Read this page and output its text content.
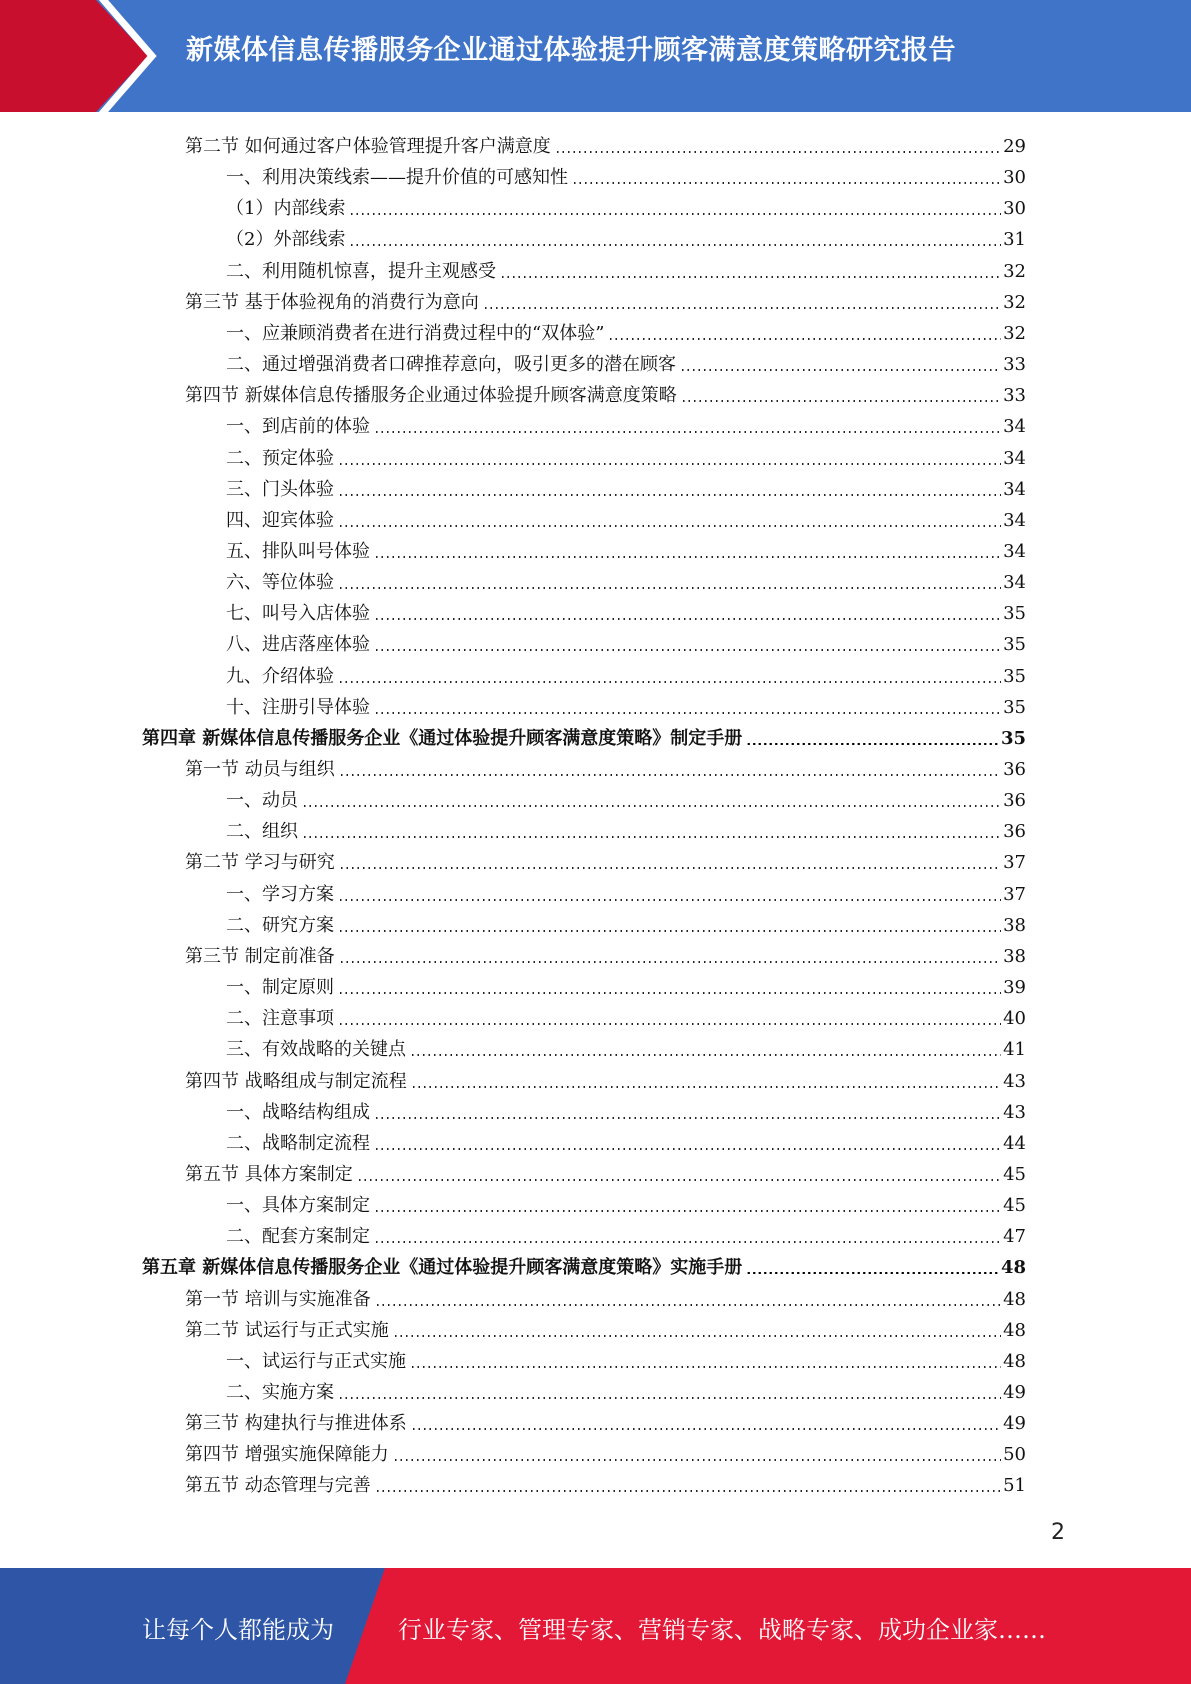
新媒体信息传播服务企业通过体验提升顾客满意度策略研究报告
第二节 如何通过客户体验管理提升客户满意度	29
一、利用决策线索——提升价值的可感知性	30
（1）内部线索	30
（2）外部线索	31
二、利用随机惊喜，提升主观感受	32
第三节 基于体验视角的消费行为意向	32
一、应兼顾消费者在进行消费过程中的“双体验”	32
二、通过增强消费者口碑推荐意向，吸引更多的潜在顾客	33
第四节 新媒体信息传播服务企业通过体验提升顾客满意度策略	33
一、到店前的体验	34
二、预定体验	34
三、门头体验	34
四、迎宾体验	34
五、排队叫号体验	34
六、等位体验	34
七、叫号入店体验	35
八、进店落座体验	35
九、介绍体验	35
十、注册引导体验	35
第四章 新媒体信息传播服务企业《通过体验提升顾客满意度策略》制定手册	35
第一节 动员与组织	36
一、动员	36
二、组织	36
第二节 学习与研究	37
一、学习方案	37
二、研究方案	38
第三节 制定前准备	38
一、制定原则	39
二、注意事项	40
三、有效战略的关键点	41
第四节 战略组成与制定流程	43
一、战略结构组成	43
二、战略制定流程	44
第五节 具体方案制定	45
一、具体方案制定	45
二、配套方案制定	47
第五章 新媒体信息传播服务企业《通过体验提升顾客满意度策略》实施手册	48
第一节 培训与实施准备	48
第二节 试运行与正式实施	48
一、试运行与正式实施	48
二、实施方案	49
第三节 构建执行与推进体系	49
第四节 增强实施保障能力	50
第五节 动态管理与完善	51
2
让每个人都能成为	行业专家、管理专家、营销专家、战略专家、成功企业家……
